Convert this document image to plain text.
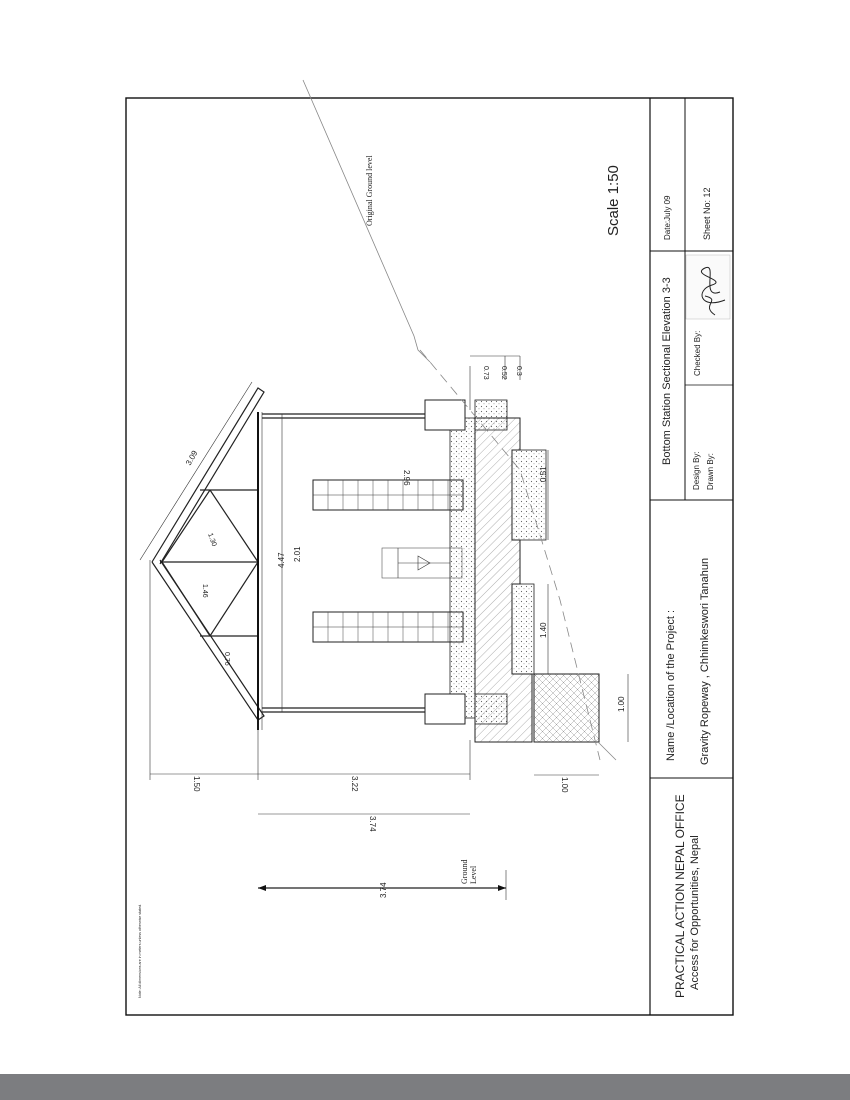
PRACTICAL ACTION NEPAL OFFICE Access for Opportunities, Nepal
Name /Location of the Project : Gravity Ropeway , Chhimkeswori Tanahun
Bottom Station Sectional Elevation 3-3
Design By: Drawn By:
Checked By:
Date:July 09	Sheet No: 12
Scale 1:50
Note: All dimensions are in meters unless otherwise stated.
Original Ground level
3.09
1.30
1.46
0.76
4.47 2.01
2.96
0.73 0.52 0.3
0.51
1.40
1.00
1.00
1.50	3.22
3.74
3.74
Ground Level
